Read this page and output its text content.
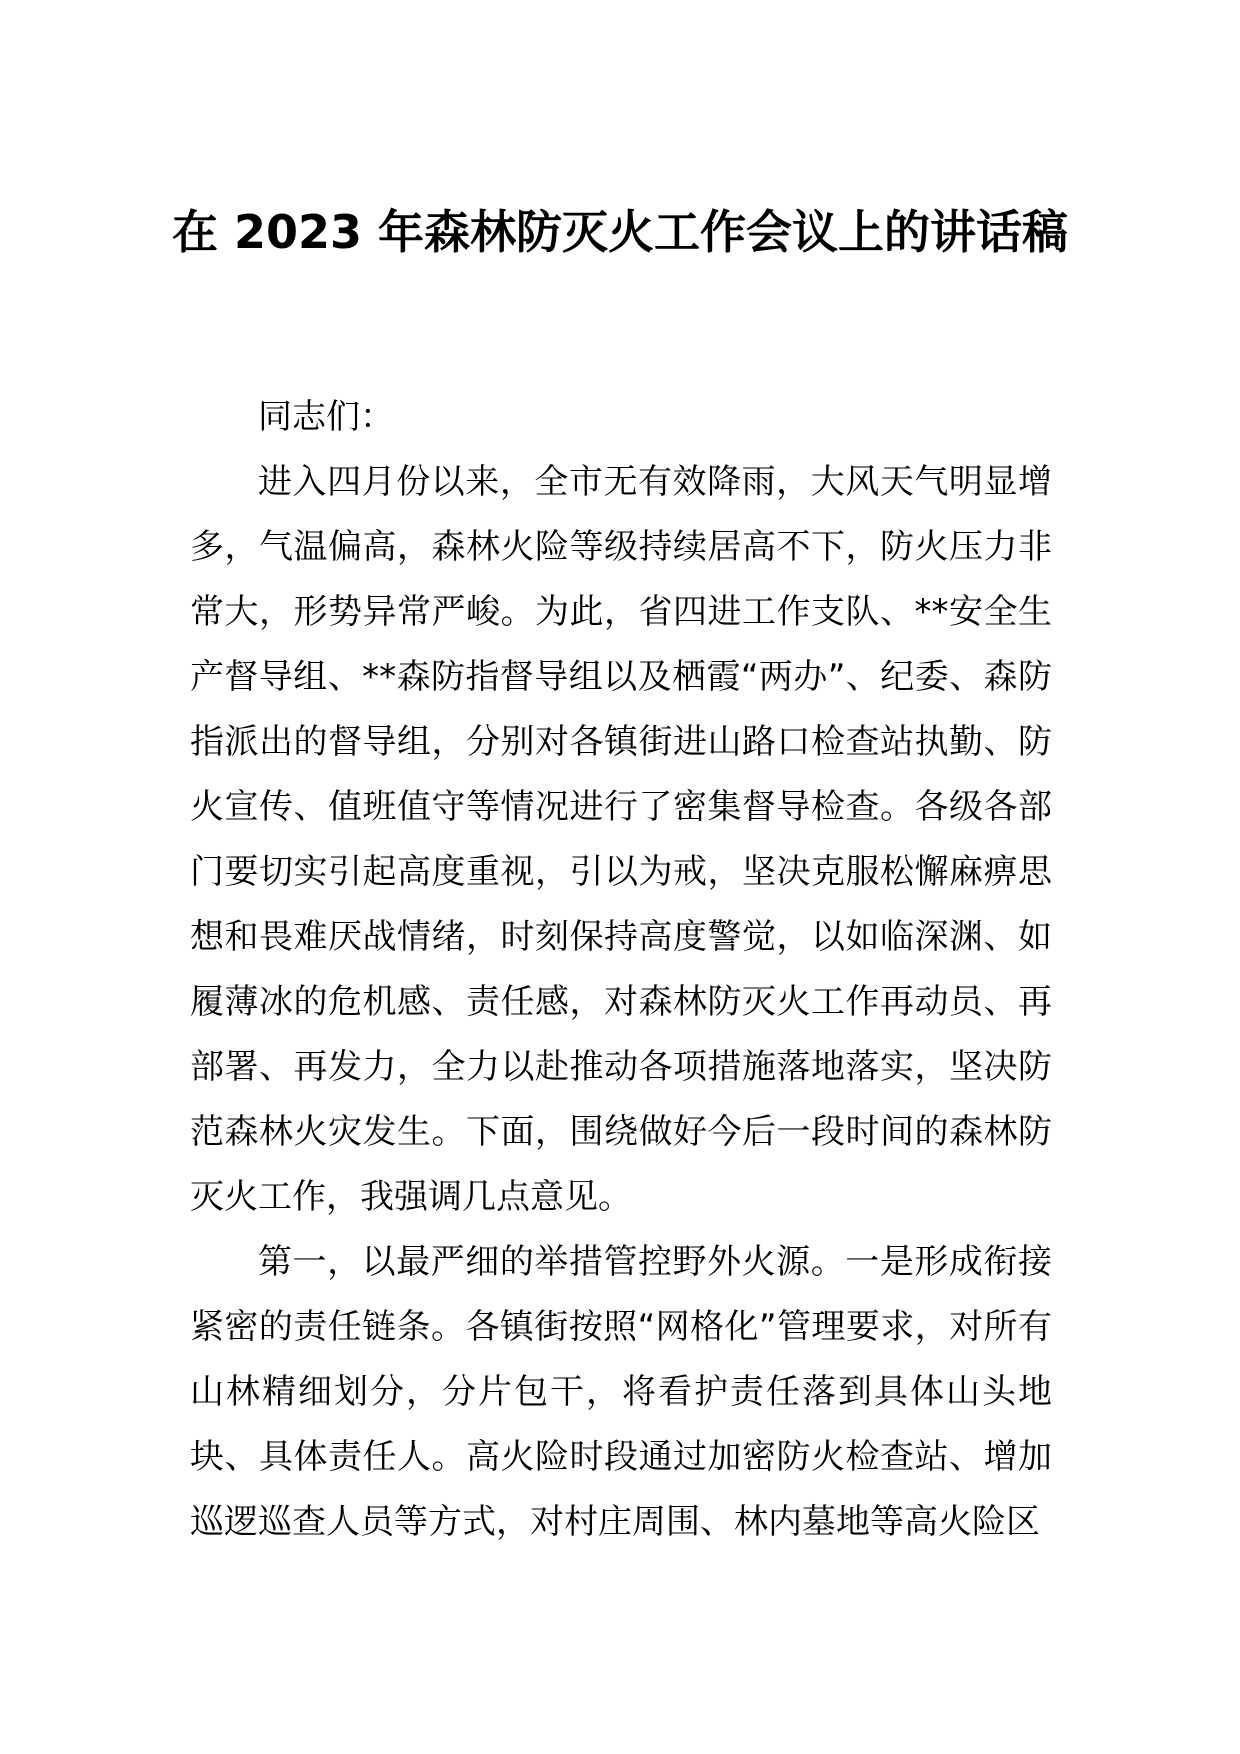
在 2023 年森林防灭火工作会议上的讲话稿

同志们：

进入四月份以来，全市无有效降雨，大风天气明显增多，气温偏高，森林火险等级持续居高不下，防火压力非常大，形势异常严峻。为此，省四进工作支队、**安全生产督导组、**森防指督导组以及栖霞“两办”、纪委、森防指派出的督导组，分别对各镇街进山路口检查站执勤、防火宣传、值班值守等情况进行了密集督导检查。各级各部门要切实引起高度重视，引以为戒，坚决克服松懈麻痹思想和畏难厌战情绪，时刻保持高度警觉，以如临深渊、如履薄冰的危机感、责任感，对森林防灭火工作再动员、再部署、再发力，全力以赴推动各项措施落地落实，坚决防范森林火灾发生。下面，围绕做好今后一段时间的森林防灭火工作，我强调几点意见。

第一，以最严细的举措管控野外火源。一是形成衔接紧密的责任链条。各镇街按照“网格化”管理要求，对所有山林精细划分，分片包干，将看护责任落到具体山头地块、具体责任人。高火险时段通过加密防火检查站、增加巡逻巡查人员等方式，对村庄周围、林内墓地等高火险区
